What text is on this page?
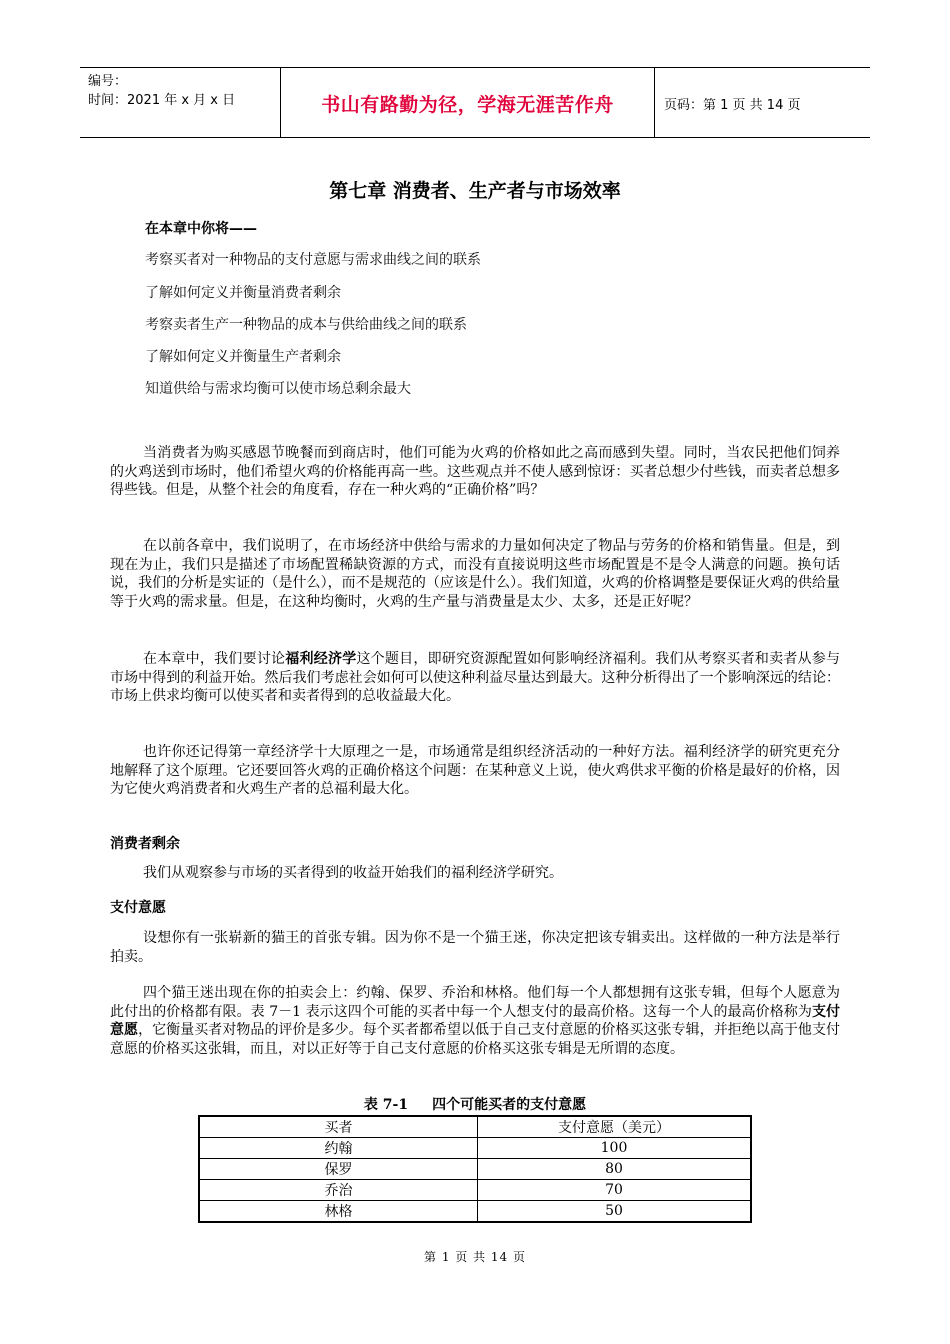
编号：
时间：2021 年 x 月 x 日	书山有路勤为径，学海无涯苦作舟	页码：第 1 页 共 14 页
第七章 消费者、生产者与市场效率
在本章中你将——
考察买者对一种物品的支付意愿与需求曲线之间的联系
了解如何定义并衡量消费者剩余
考察卖者生产一种物品的成本与供给曲线之间的联系
了解如何定义并衡量生产者剩余
知道供给与需求均衡可以使市场总剩余最大

当消费者为购买感恩节晚餐而到商店时，他们可能为火鸡的价格如此之高而感到失望。同时，当农民把他们饲养的火鸡送到市场时，他们希望火鸡的价格能再高一些。这些观点并不使人感到惊讶：买者总想少付些钱，而卖者总想多得些钱。但是，从整个社会的角度看，存在一种火鸡的“正确价格”吗？

在以前各章中，我们说明了，在市场经济中供给与需求的力量如何决定了物品与劳务的价格和销售量。但是，到现在为止，我们只是描述了市场配置稀缺资源的方式，而没有直接说明这些市场配置是不是令人满意的问题。换句话说，我们的分析是实证的（是什么），而不是规范的（应该是什么）。我们知道，火鸡的价格调整是要保证火鸡的供给量等于火鸡的需求量。但是，在这种均衡时，火鸡的生产量与消费量是太少、太多，还是正好呢？

在本章中，我们要讨论福利经济学这个题目，即研究资源配置如何影响经济福利。我们从考察买者和卖者从参与市场中得到的利益开始。然后我们考虑社会如何可以使这种利益尽量达到最大。这种分析得出了一个影响深远的结论：市场上供求均衡可以使买者和卖者得到的总收益最大化。

也许你还记得第一章经济学十大原理之一是，市场通常是组织经济活动的一种好方法。福利经济学的研究更充分地解释了这个原理。它还要回答火鸡的正确价格这个问题：在某种意义上说，使火鸡供求平衡的价格是最好的价格，因为它使火鸡消费者和火鸡生产者的总福利最大化。

消费者剩余

我们从观察参与市场的买者得到的收益开始我们的福利经济学研究。

支付意愿

设想你有一张崭新的猫王的首张专辑。因为你不是一个猫王迷，你决定把该专辑卖出。这样做的一种方法是举行拍卖。

四个猫王迷出现在你的拍卖会上：约翰、保罗、乔治和林格。他们每一个人都想拥有这张专辑，但每个人愿意为此付出的价格都有限。表 7－1 表示这四个可能的买者中每一个人想支付的最高价格。这每一个人的最高价格称为支付意愿，它衡量买者对物品的评价是多少。每个买者都希望以低于自己支付意愿的价格买这张专辑，并拒绝以高于他支付意愿的价格买这张辑，而且，对以正好等于自己支付意愿的价格买这张专辑是无所谓的态度。

表 7-1 四个可能买者的支付意愿
买者	支付意愿（美元）
约翰	100
保罗	80
乔治	70
林格	50
第 1 页 共 14 页
